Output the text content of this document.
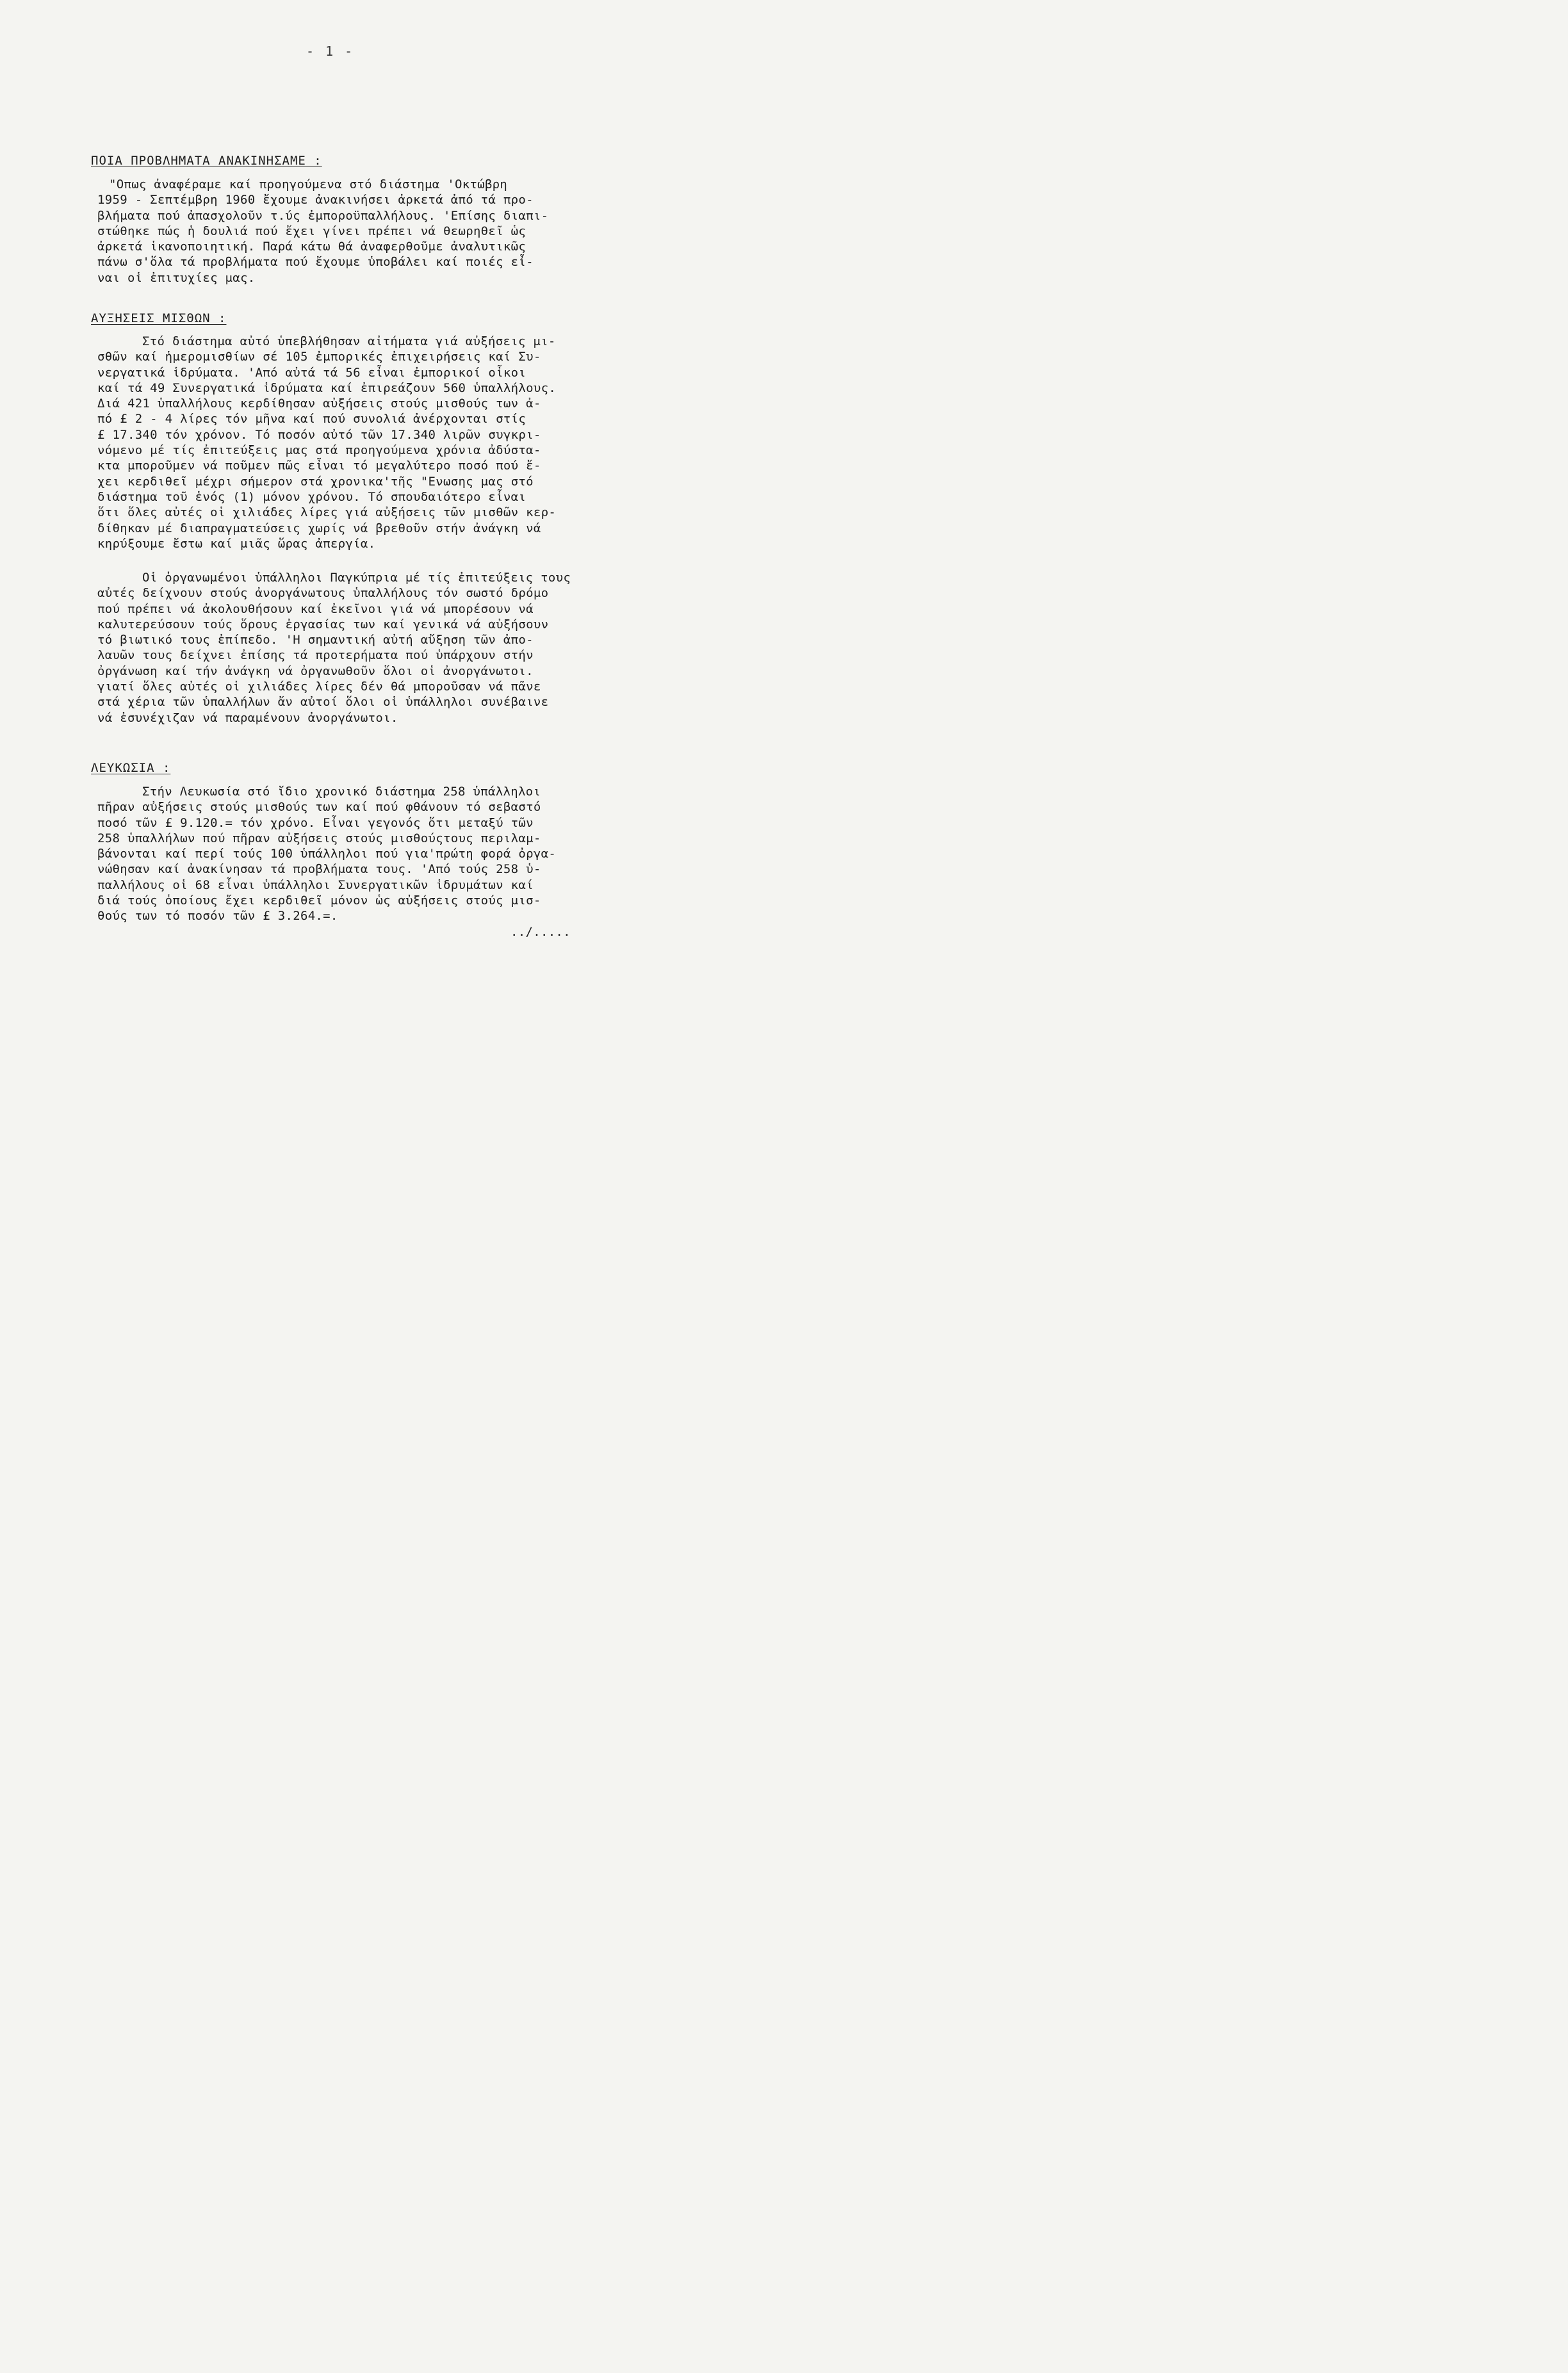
- 1 -
ΠΟΙΑ ΠΡΟΒΛΗΜΑΤΑ ΑΝΑΚΙΝΗΣΑΜΕ :
"Οπως ἀναφέραμε καί προηγούμενα στό διάστημα 'Οκτώβρη
1959 - Σεπτέμβρη 1960 ἔχουμε ἀνακινήσει ἀρκετά ἀπό τά προ-
βλήματα πού ἀπασχολοῦν τ.ύς ἐμποροϋπαλλήλους. 'Επίσης διαπι-
στώθηκε πώς ἡ δουλιά πού ἔχει γίνει πρέπει νά θεωρηθεῖ ὡς
ἀρκετά ἱκανοποιητική. Παρά κάτω θά ἀναφερθοῦμε ἀναλυτικῶς
πάνω σ'ὅλα τά προβλήματα πού ἔχουμε ὑποβάλει καί ποιές εἶ-
ναι οἱ ἐπιτυχίες μας.
ΑΥΞΗΣΕΙΣ ΜΙΣΘΩΝ :
Στό διάστημα αὐτό ὑπεβλήθησαν αἰτήματα γιά αὐξήσεις μι-
σθῶν καί ἡμερομισθίων σέ 105 ἐμπορικές ἐπιχειρήσεις καί Συ-
νεργατικά ἱδρύματα. 'Από αὐτά τά 56 εἶναι ἐμπορικοί οἶκοι
καί τά 49 Συνεργατικά ἱδρύματα καί ἐπιρεάζουν 560 ὑπαλλήλους.
Διά 421 ὑπαλλήλους κερδίθησαν αὐξήσεις στούς μισθούς των ἀ-
πό £ 2 - 4 λίρες τόν μῆνα καί πού συνολιά ἀνέρχονται στίς
£ 17.340 τόν χρόνον. Τό ποσόν αὐτό τῶν 17.340 λιρῶν συγκρι-
νόμενο μέ τίς ἐπιτεύξεις μας στά προηγούμενα χρόνια ἀδύστα-
κτα μποροῦμεν νά ποῦμεν πῶς εἶναι τό μεγαλύτερο ποσό πού ἔ-
χει κερδιθεῖ μέχρι σήμερον στά χρονικα'τῆς "Ενωσης μας στό
διάστημα τοῦ ἑνός (1) μόνον χρόνου. Τό σπουδαιότερο εἶναι
ὅτι ὅλες αὐτές οἱ χιλιάδες λίρες γιά αὐξήσεις τῶν μισθῶν κερ-
δίθηκαν μέ διαπραγματεύσεις χωρίς νά βρεθοῦν στήν ἀνάγκη νά
κηρύξουμε ἔστω καί μιᾶς ὥρας ἀπεργία.
Οἱ ὀργανωμένοι ὑπάλληλοι Παγκύπρια μέ τίς ἐπιτεύξεις τους
αὐτές δείχνουν στούς ἀνοργάνωτους ὑπαλλήλους τόν σωστό δρόμο
πού πρέπει νά ἀκολουθήσουν καί ἐκεῖνοι γιά νά μπορέσουν νά
καλυτερεύσουν τούς ὅρους ἐργασίας των καί γενικά νά αὐξήσουν
τό βιωτικό τους ἐπίπεδο. 'Η σημαντική αὐτή αὔξηση τῶν ἀπο-
λαυῶν τους δείχνει ἐπίσης τά προτερήματα πού ὑπάρχουν στήν
ὀργάνωση καί τήν ἀνάγκη νά ὀργανωθοῦν ὅλοι οἱ ἀνοργάνωτοι.
γιατί ὅλες αὐτές οἱ χιλιάδες λίρες δέν θά μποροῦσαν νά πᾶνε
στά χέρια τῶν ὑπαλλήλων ἄν αὐτοί ὅλοι οἱ ὑπάλληλοι συνέβαινε
νά ἐσυνέχιζαν νά παραμένουν ἀνοργάνωτοι.
ΛΕΥΚΩΣΙΑ :
Στήν Λευκωσία στό ἴδιο χρονικό διάστημα 258 ὑπάλληλοι
πῆραν αὐξήσεις στούς μισθούς των καί πού φθάνουν τό σεβαστό
ποσό τῶν £ 9.120.= τόν χρόνο. Εἶναι γεγονός ὅτι μεταξύ τῶν
258 ὑπαλλήλων πού πῆραν αὐξήσεις στούς μισθούςτους περιλαμ-
βάνονται καί περί τούς 100 ὑπάλληλοι πού για'πρώτη φορά ὀργα-
νώθησαν καί ἀνακίνησαν τά προβλήματα τους. 'Από τούς 258 ὑ-
παλλήλους οἱ 68 εἶναι ὑπάλληλοι Συνεργατικῶν ἱδρυμάτων καί
διά τούς ὁποίους ἔχει κερδιθεῖ μόνον ὡς αὐξήσεις στούς μισ-
θούς των τό ποσόν τῶν £ 3.264.=.
../.....
